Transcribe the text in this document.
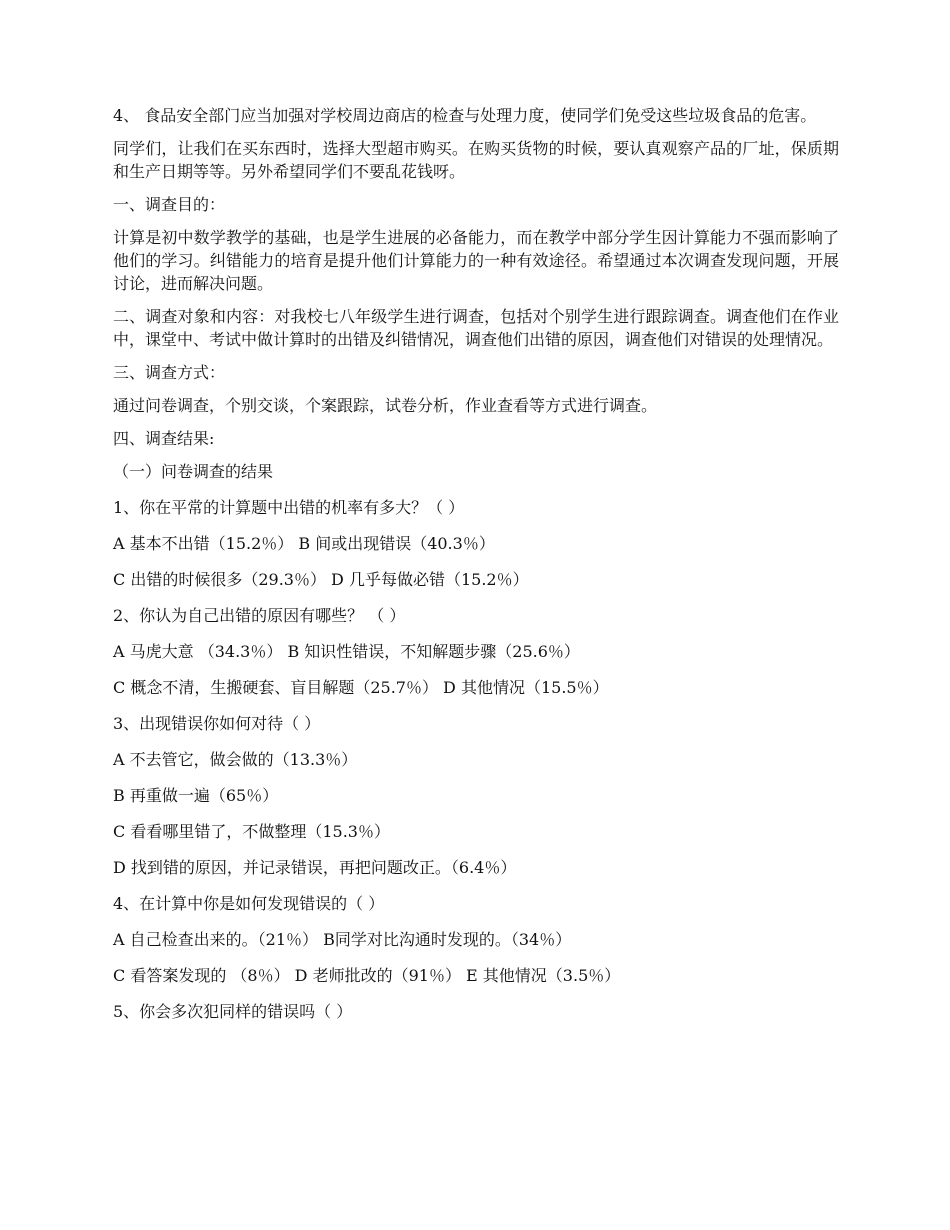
4、 食品安全部门应当加强对学校周边商店的检查与处理力度，使同学们免受这些垃圾食品的危害。

同学们，让我们在买东西时，选择大型超市购买。在购买货物的时候，要认真观察产品的厂址，保质期和生产日期等等。另外希望同学们不要乱花钱呀。

一、调查目的：

计算是初中数学教学的基础，也是学生进展的必备能力，而在教学中部分学生因计算能力不强而影响了他们的学习。纠错能力的培育是提升他们计算能力的一种有效途径。希望通过本次调查发现问题，开展讨论，进而解决问题。

二、调查对象和内容：对我校七八年级学生进行调查，包括对个别学生进行跟踪调查。调查他们在作业中，课堂中、考试中做计算时的出错及纠错情况，调查他们出错的原因，调查他们对错误的处理情况。

三、调查方式：

通过问卷调查，个别交谈，个案跟踪，试卷分析，作业查看等方式进行调查。

四、调查结果:

（一）问卷调查的结果

1、你在平常的计算题中出错的机率有多大？（ ）

A 基本不出错（15.2％） B 间或出现错误（40.3％）

C 出错的时候很多（29.3％） D 几乎每做必错（15.2％）

2、你认为自己出错的原因有哪些？ （ ）

A 马虎大意 （34.3％） B 知识性错误，不知解题步骤（25.6％）

C 概念不清，生搬硬套、盲目解题（25.7％） D 其他情况（15.5％）

3、出现错误你如何对待（ ）

A 不去管它，做会做的（13.3％）

B 再重做一遍（65％）

C 看看哪里错了，不做整理（15.3％）

D 找到错的原因，并记录错误，再把问题改正。（6.4％）

4、在计算中你是如何发现错误的（ ）

A 自己检查出来的。（21％） B同学对比沟通时发现的。（34％）

C 看答案发现的 （8％） D 老师批改的（91％） E 其他情况（3.5％）

5、你会多次犯同样的错误吗（ ）
